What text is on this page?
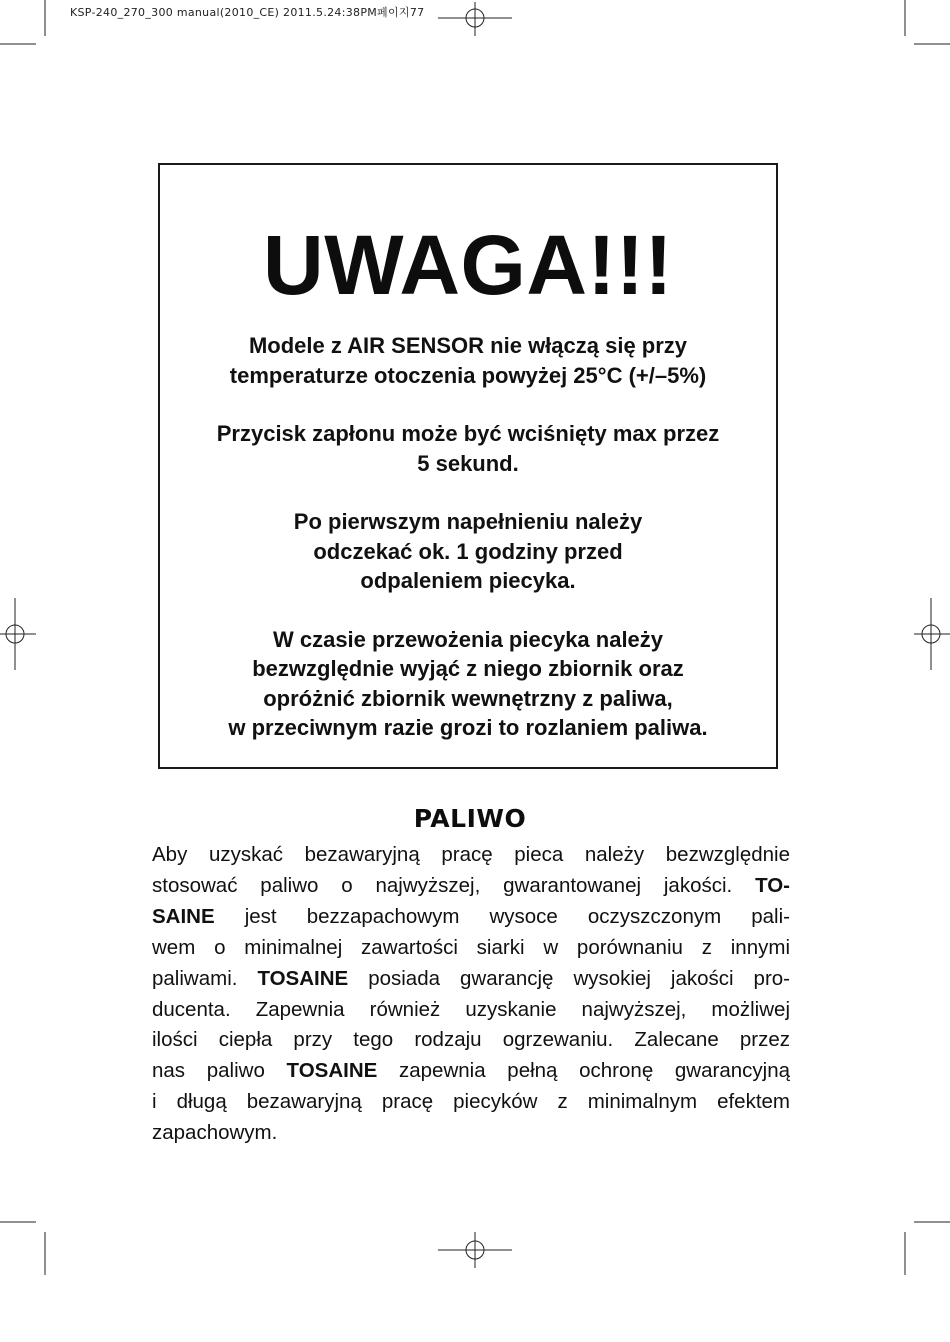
KSP-240_270_300 manual(2010_CE) 2011.5.24:38PM페이지77
UWAGA!!!

Modele z AIR SENSOR nie włączą się przy
temperaturze otoczenia powyżej 25°C (+/–5%)

Przycisk zapłonu może być wciśnięty max przez
5 sekund.

Po pierwszym napełnieniu należy
odczekać ok. 1 godziny przed
odpaleniem piecyka.

W czasie przewożenia piecyka należy
bezwzględnie wyjąć z niego zbiornik oraz
opróżnić zbiornik wewnętrzny z paliwa,
w przeciwnym razie grozi to rozlaniem paliwa.

PALIWO
Aby uzyskać bezawaryjną pracę pieca należy bezwzględnie
stosować paliwo o najwyższej, gwarantowanej jakości. TO-
SAINE jest bezzapachowym wysoce oczyszczonym pali-
wem o minimalnej zawartości siarki w porównaniu z innymi
paliwami. TOSAINE posiada gwarancję wysokiej jakości pro-
ducenta. Zapewnia również uzyskanie najwyższej, możliwej
ilości ciepła przy tego rodzaju ogrzewaniu. Zalecane przez
nas paliwo TOSAINE zapewnia pełną ochronę gwarancyjną
i długą bezawaryjną pracę piecyków z minimalnym efektem
zapachowym.
